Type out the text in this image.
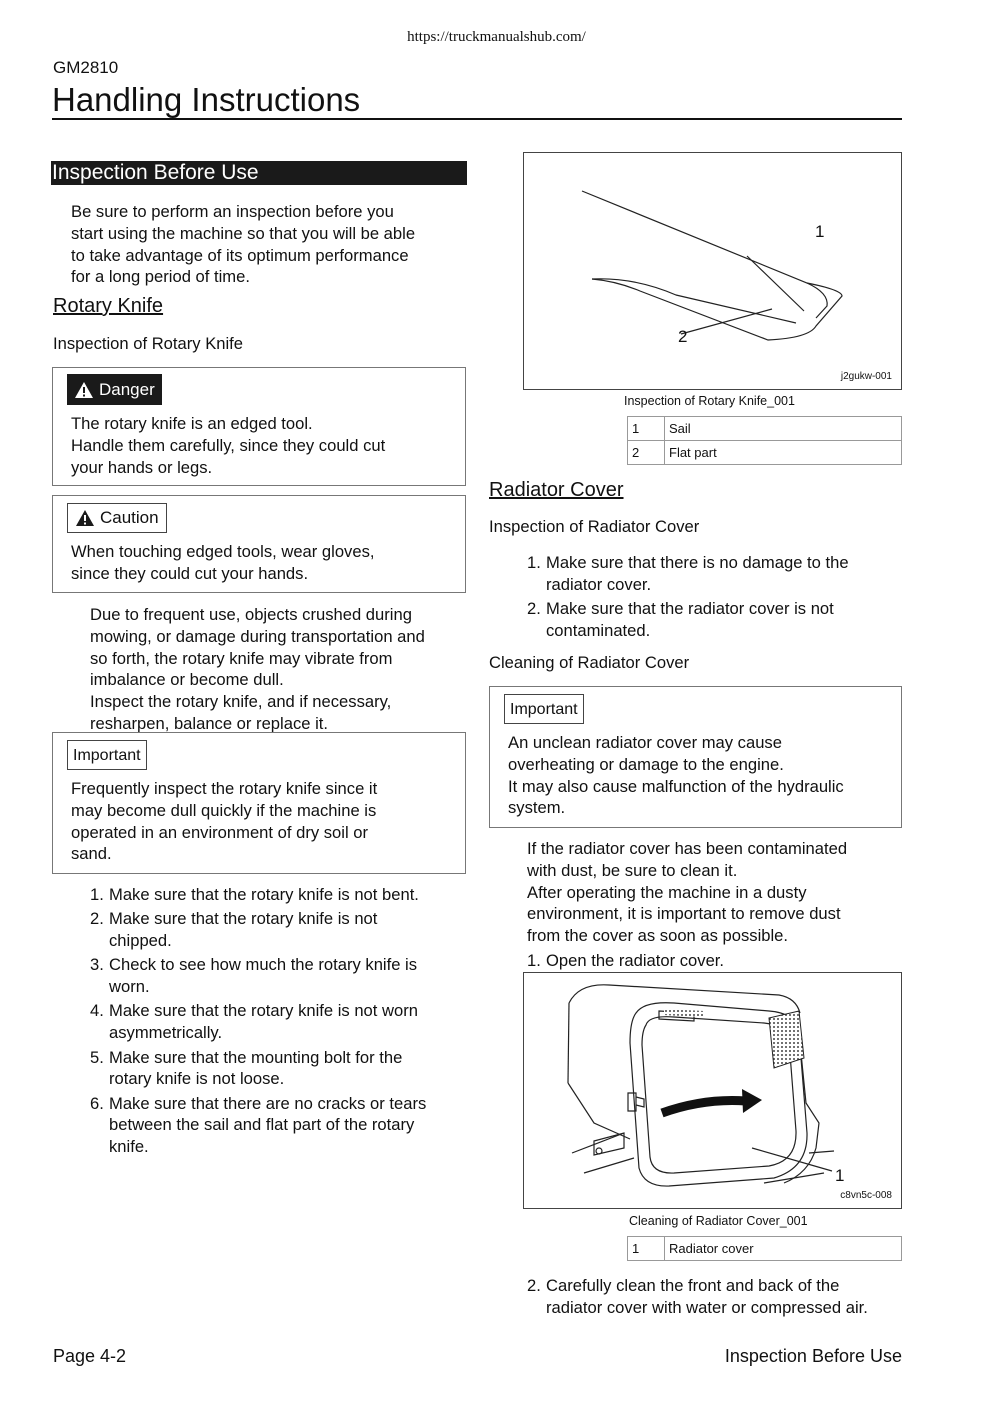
https://truckmanualshub.com/
GM2810
Handling Instructions
Inspection Before Use
Be sure to perform an inspection before you
start using the machine so that you will be able
to take advantage of its optimum performance
for a long period of time.
Rotary Knife
Inspection of Rotary Knife
Danger
The rotary knife is an edged tool.
Handle them carefully, since they could cut
your hands or legs.
Caution
When touching edged tools, wear gloves,
since they could cut your hands.
Due to frequent use, objects crushed during
mowing, or damage during transportation and
so forth, the rotary knife may vibrate from
imbalance or become dull.
Inspect the rotary knife, and if necessary,
resharpen, balance or replace it.
Important
Frequently inspect the rotary knife since it
may become dull quickly if the machine is
operated in an environment of dry soil or
sand.
1. Make sure that the rotary knife is not bent.
2. Make sure that the rotary knife is not
chipped.
3. Check to see how much the rotary knife is
worn.
4. Make sure that the rotary knife is not worn
asymmetrically.
5. Make sure that the mounting bolt for the
rotary knife is not loose.
6. Make sure that there are no cracks or tears
between the sail and flat part of the rotary
knife.
1
2
j2gukw-001
Inspection of Rotary Knife_001
1	Sail
2	Flat part
Radiator Cover
Inspection of Radiator Cover
1. Make sure that there is no damage to the
radiator cover.
2. Make sure that the radiator cover is not
contaminated.
Cleaning of Radiator Cover
Important
An unclean radiator cover may cause
overheating or damage to the engine.
It may also cause malfunction of the hydraulic
system.
If the radiator cover has been contaminated
with dust, be sure to clean it.
After operating the machine in a dusty
environment, it is important to remove dust
from the cover as soon as possible.
1. Open the radiator cover.
1
c8vn5c-008
Cleaning of Radiator Cover_001
1	Radiator cover
2. Carefully clean the front and back of the
radiator cover with water or compressed air.
Page 4-2	Inspection Before Use
